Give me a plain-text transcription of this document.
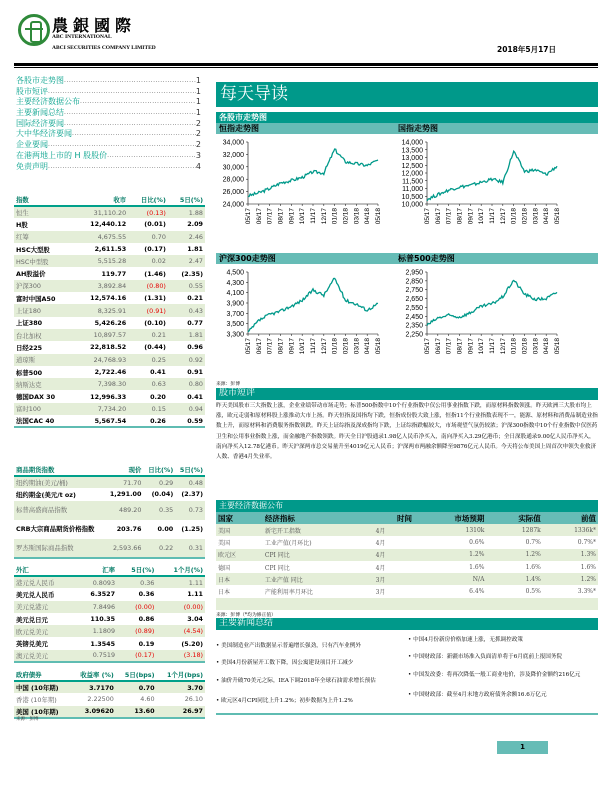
農銀國際
ABC INTERNATIONAL
ABCI SECURITIES COMPANY LIMITED	2018年5月17日
各股市走势图 .....	1
股市短评 .....	1
主要经济数据公布 .....	1
主要新闻总结 .....	1
国际经济要闻 .....	2
大中华经济要闻 .....	2
企业要闻 .....	2
在港两地上市的 H 股股价 .....	3
免责声明 .....	4
指数	收市	日比(%)	5日(%)
恒生	31,110.20	(0.13)	1.88
H股	12,440.12	(0.01)	2.09
红筹	4,675.55	0.70	2.46
HSC大型股	2,611.53	(0.17)	1.81
HSC中型股	5,515.28	0.02	2.47
AH股溢价	119.77	(1.46)	(2.35)
沪深300	3,892.84	(0.80)	0.55
富时中国A50	12,574.16	(1.31)	0.21
上证180	8,325.91	(0.91)	0.43
上证380	5,426.26	(0.10)	0.77
台北加权	10,897.57	0.21	1.81
日经225	22,818.52	(0.44)	0.96
道琼斯	24,768.93	0.25	0.92
标普500	2,722.46	0.41	0.91
纳斯达克	7,398.30	0.63	0.80
德国DAX 30	12,996.33	0.20	0.41
富时100	7,734.20	0.15	0.94
法国CAC 40	5,567.54	0.26	0.59
商品期货指数	现价	日比(%)	5日(%)
纽约期油(美元/桶)	71.70	0.29	0.48
纽约期金(美元/t oz)	1,291.00	(0.04)	(2.37)
标普高盛商品指数	489.20	0.35	0.73
CRB大宗商品期货价格指数	203.76	0.00	(1.25)
罗杰斯国际商品指数	2,593.66	0.22	0.31
外汇	汇率	5日(%)	1个月(%)
港元兑人民币	0.8093	0.36	1.11
美元兑人民币	6.3527	0.36	1.11
美元兑港元	7.8496	(0.00)	(0.00)
美元兑日元	110.35	0.86	3.04
欧元兑美元	1.1809	(0.89)	(4.54)
英镑兑美元	1.3545	0.19	(5.20)
澳元兑美元	0.7519	(0.17)	(3.18)
政府债券	收益率 (%)	5日(bps)	1个月(bps)
中国 (10年期)	3.7170	0.70	3.70
香港 (10年期)	2.22500	4.60	26.10
美国 (10年期)	3.09620	13.60	26.97
来源：彭博
每天导读
各股市走势图
恒指走势图	国指走势图
24,000
26,000
28,000
30,000
32,000
34,000
05/17 06/17 07/17 08/17 09/17 10/17 11/17 12/17 01/18 02/18 03/18 04/18 05/18
10,000
10,500
11,000
11,500
12,000
12,500
13,000
13,500
14,000
05/17 06/17 07/17 08/17 09/17 10/17 11/17 12/17 01/18 02/18 03/18 04/18 05/18
沪深300走势图	标普500走势图
3,300
3,500
3,700
3,900
4,100
4,300
4,500
05/17 06/17 07/17 08/17 09/17 10/17 11/17 12/17 01/18 02/18 03/18 04/18 05/18
2,250
2,350
2,450
2,550
2,650
2,750
2,850
2,950
05/17 06/17 07/17 08/17 09/17 10/17 11/17 12/17 01/18 02/18 03/18 04/18 05/18
来源：彭博
股市短评
昨天美国股市三大指数上涨，企业业绩带动市场走势；标普500指数中10个行业指数中仅公用事业指数下跌，而原材料指数领涨。昨天欧洲三大股市均上涨，欧元走弱和原材料股上涨推动大市上扬。昨天恒指及国指均下跌，恒指成份股大致上涨，恒指11个行业指数表现不一，能源、原材料和消费品制造业指数上升，而原材料和消费服务指数领跌。昨天上证综指及深成指均下跌，上证综指跌幅较大，市场观望气氛仍较浓；沪深300指数中10个行业指数中仅医药卫生和公用事业指数上涨，而金融地产指数领跌。昨天全日沪股通录1.98亿人民币净买入，南向净买入3.29亿港币；全日深股通录9.00亿人民币净买入，南向净买入12.78亿港币。昨天沪深两市总交易量升至4019亿元人民币；沪深两市两融余额降至9876亿元人民币。今天将公布美国上周首次申领失业救济人数、香港4月失业率。
主要经济数据公布
国家	经济指标	时间	市场预期	实际值	前值
美国	新宅开工指数	4月	1310k	1287k	1336k*
美国	工业产值(月环比)	4月	0.6%	0.7%	0.7%*
欧元区	CPI 同比	4月	1.2%	1.2%	1.3%
德国	CPI 同比	4月	1.6%	1.6%	1.6%
日本	工业产值 同比	3月	N/A	1.4%	1.2%
日本	产能利用率月环比	3月	6.4%	0.5%	3.3%*

来源：彭博（*均为修正值）
主要新闻总结
• 美国制造业产出数据显示普遍增长强劲，只有汽车业例外
• 美国4月份新屋开工数下降，因公寓建设项目开工减少
• 油价升破70美元之际，IEA下调2018年全球石油需求增长预估
• 欧元区4月CPI同比上升1.2%；初步数据为上升1.2%
• 中国4月份新房价格加速上涨，无抓调控政策
• 中国财政部：新疆市场准入负面清单将于6月底前上报国务院
• 中国发改委：将再次降低一般工商业电价，涉及降价金额约216亿元
• 中国财政部：截至4月末地方政府债务余额16.6万亿元
1
